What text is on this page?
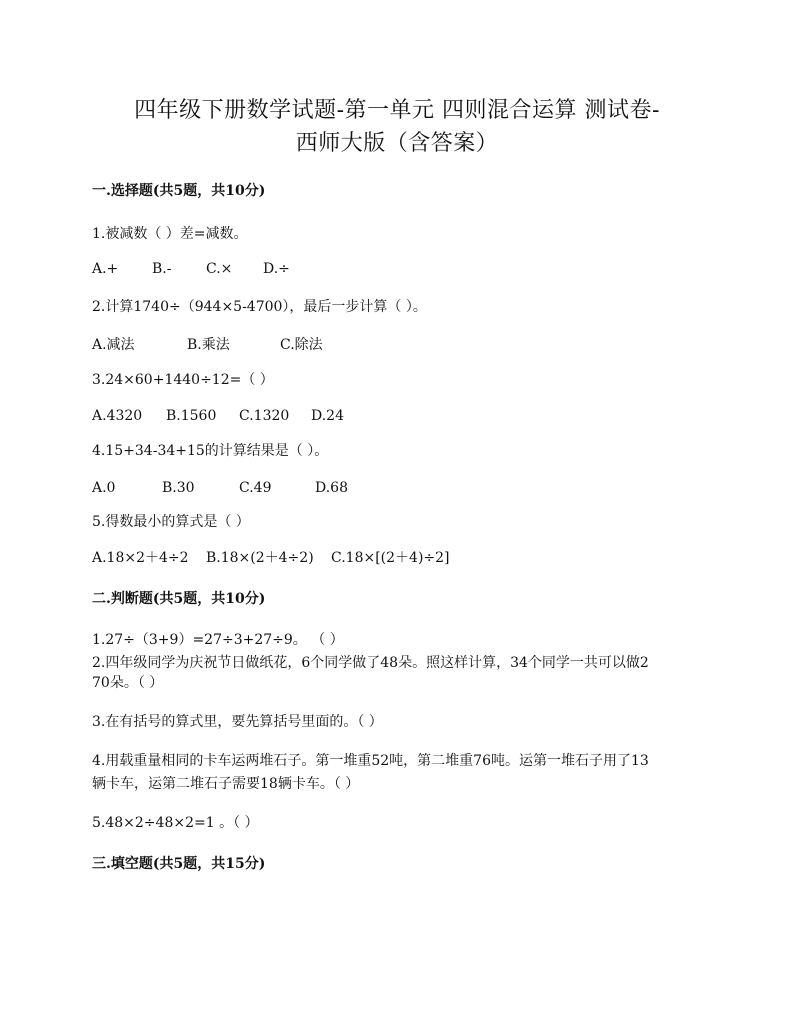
四年级下册数学试题-第一单元 四则混合运算 测试卷-
西师大版（含答案）
一.选择题(共5题，共10分)
1.被减数（ ）差=减数。
A.+ B.- C.× D.÷
2.计算1740÷（944×5-4700），最后一步计算（ ）。
A.减法	B.乘法	C.除法
3.24×60+1440÷12=（ ）
A.4320 B.1560 C.1320 D.24
4.15+34-34+15的计算结果是（ ）。
A.0	B.30	C.49	D.68
5.得数最小的算式是（ ）
A.18×2＋4÷2 B.18×(2＋4÷2) C.18×[(2＋4)÷2]
二.判断题(共5题，共10分)
1.27÷（3+9）=27÷3+27÷9。 （ ）
2.四年级同学为庆祝节日做纸花，6个同学做了48朵。照这样计算，34个同学一共可以做2
70朵。（ ）
3.在有括号的算式里，要先算括号里面的。（ ）
4.用载重量相同的卡车运两堆石子。第一堆重52吨，第二堆重76吨。运第一堆石子用了13
辆卡车，运第二堆石子需要18辆卡车。（ ）
5.48×2÷48×2=1 。（ ）
三.填空题(共5题，共15分)
